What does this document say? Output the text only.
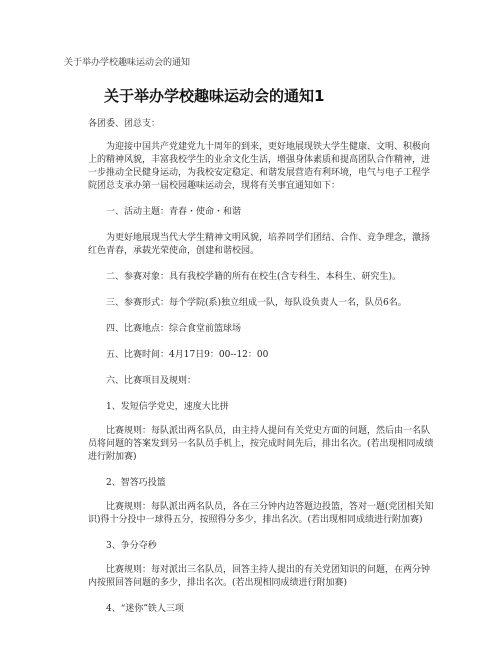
关于举办学校趣味运动会的通知
关于举办学校趣味运动会的通知1

各团委、团总支：

为迎接中国共产党建党九十周年的到来，更好地展现铁大学生健康、文明、积极向上的精神风貌，丰富我校学生的业余文化生活，增强身体素质和提高团队合作精神，进一步推动全民健身运动，为我校安定稳定、和谐发展营造有利环境，电气与电子工程学院团总支承办第一届校园趣味运动会，现将有关事宜通知如下：

一、活动主题：青春・使命・和谐

为更好地展现当代大学生精神文明风貌，培养同学们团结、合作、竞争理念，激扬红色青春，承载光荣使命，创建和谐校园。

二、参赛对象：具有我校学籍的所有在校生(含专科生、本科生、研究生)。

三、参赛形式：每个学院(系)独立组成一队，每队设负责人一名，队员6名。

四、比赛地点：综合食堂前篮球场

五、比赛时间：4月17日9：00--12：00

六、比赛项目及规则：

1、发短信学党史，速度大比拼

比赛规则：每队派出两名队员，由主持人提问有关党史方面的问题，然后由一名队员将问题的答案发到另一名队员手机上，按完成时间先后，排出名次。(若出现相同成绩进行附加赛)

2、智答巧投篮

比赛规则：每队派出两名队员，各在三分钟内边答题边投篮，答对一题(党团相关知识)得十分投中一球得五分，按照得分多少，排出名次。(若出现相同成绩进行附加赛)

3、争分夺秒

比赛规则：每对派出三名队员，回答主持人提出的有关党团知识的问题，在两分钟内按照回答问题的多少，排出名次。(若出现相同成绩进行附加赛)

4、“迷你”铁人三项
